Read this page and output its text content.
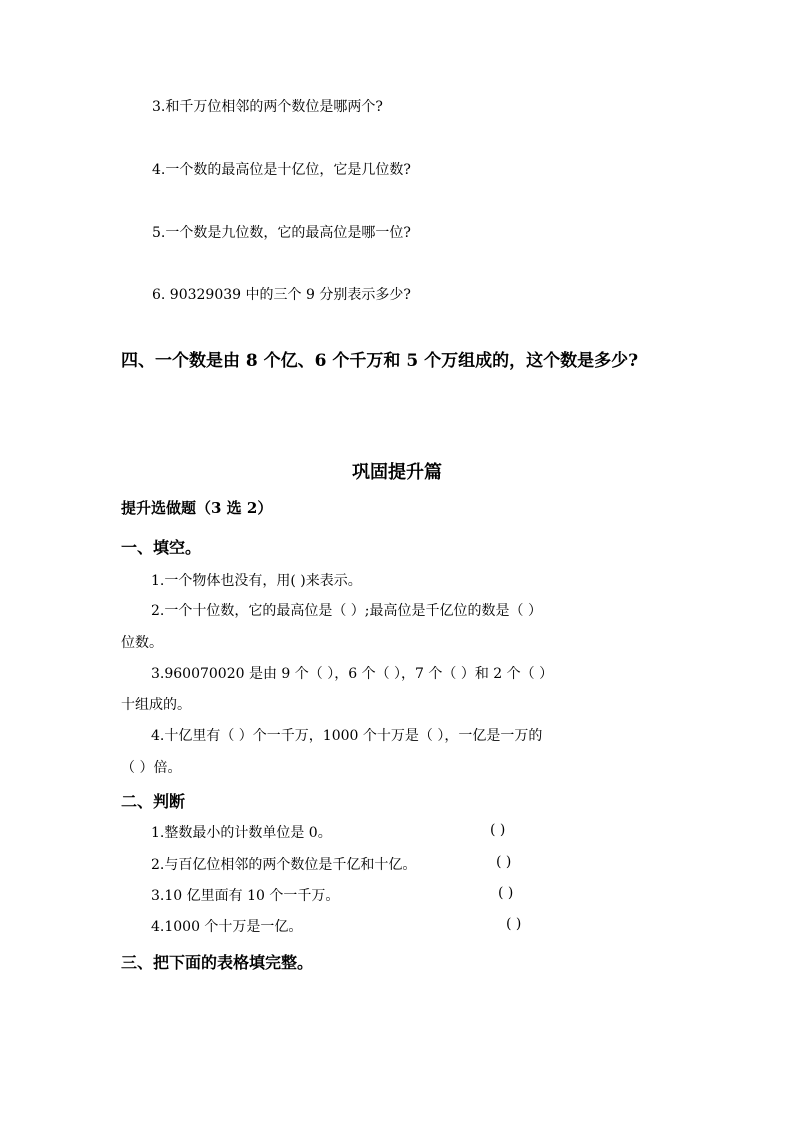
3.和千万位相邻的两个数位是哪两个?
4.一个数的最高位是十亿位，它是几位数?
5.一个数是九位数，它的最高位是哪一位?
6. 90329039 中的三个 9 分别表示多少?
四、一个数是由 8 个亿、6 个千万和 5 个万组成的，这个数是多少?
巩固提升篇
提升选做题（3 选 2）
一、填空。
1.一个物体也没有，用( )来表示。
2.一个十位数，它的最高位是（ ）;最高位是千亿位的数是（ ）
位数。
3.960070020 是由 9 个（ ），6 个（ ），7 个（ ）和 2 个（ ）
十组成的。
4.十亿里有（ ）个一千万，1000 个十万是（ ），一亿是一万的
（ ）倍。
二、判断
1.整数最小的计数单位是 0。	( )
2.与百亿位相邻的两个数位是千亿和十亿。	( )
3.10 亿里面有 10 个一千万。	( )
4.1000 个十万是一亿。	( )
三、把下面的表格填完整。
